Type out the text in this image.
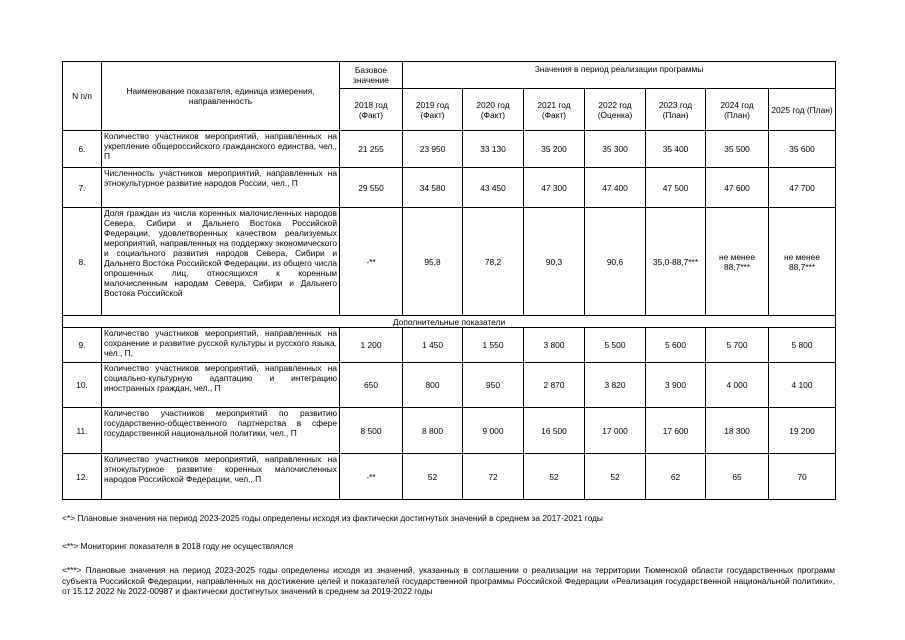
N п/п	Наименование показателя, единица измерения, направленность	Базовое значение	Значения в период реализации программы						
		2018 год (Факт)	2019 год (Факт)	2020 год (Факт)	2021 год (Факт)	2022 год (Оценка)	2023 год (План)	2024 год (План)	2025 год (План)
6.	Количество участников мероприятий, направленных на укрепление общероссийского гражданского единства, чел., П	21 255	23 950	33 130	35 200	35 300	35 400	35 500	35 600
7.	Численность участников мероприятий, направленных на этнокультурное развитие народов России, чел., П	29 550	34 580	43 450	47 300	47 400	47 500	47 600	47 700
8.	Доля граждан из числа коренных малочисленных народов Севера, Сибири и Дальнего Востока Российской Федерации, удовлетворенных качеством реализуемых мероприятий, направленных на поддержку экономического и социального развития народов Севера, Сибири и Дальнего Востока Российской Федерации, из общего числа опрошенных лиц, относящихся к коренным малочисленным народам Севера, Сибири и Дальнего Востока Российской	-**	95,8	78,2	90,3	90,6	35,0-88,7***	не менее 88,7***	не менее 88,7***
Дополнительные показатели									
9.	Количество участников мероприятий, направленных на сохранение и развитие русской культуры и русского языка, чел., П,	1 200	1 450	1 550	3 800	5 500	5 600	5 700	5 800
10.	Количество участников мероприятий, направленных на социально-культурную адаптацию и интеграцию иностранных граждан, чел., П	650	800	950	2 870	3 820	3 900	4 000	4 100
11.	Количество участников мероприятий по развитию государственно-общественного партнерства в сфере государственной национальной политики, чел., П	8 500	8 800	9 000	16 500	17 000	17 600	18 300	19 200
12.	Количество участников мероприятий, направленных на этнокультурное развитие коренных малочисленных народов Российской Федерации, чел., П	-**	52	72	52	52	62	65	70
<*> Плановые значения на период 2023-2025 годы определены исходя из фактически достигнутых значений в среднем за 2017-2021 годы
<**> Мониторинг показателя в 2018 году не осуществлялся
<***> Плановые значения на период 2023-2025 годы определены исходя из значений, указанных в соглашении о реализации на территории Тюменской области государственных программ субъекта Российской Федерации, направленных на достижение целей и показателей государственной программы Российской Федерации «Реализация государственной национальной политики», от 15.12 2022 № 2022-00987 и фактически достигнутых значений в среднем за 2019-2022 годы
